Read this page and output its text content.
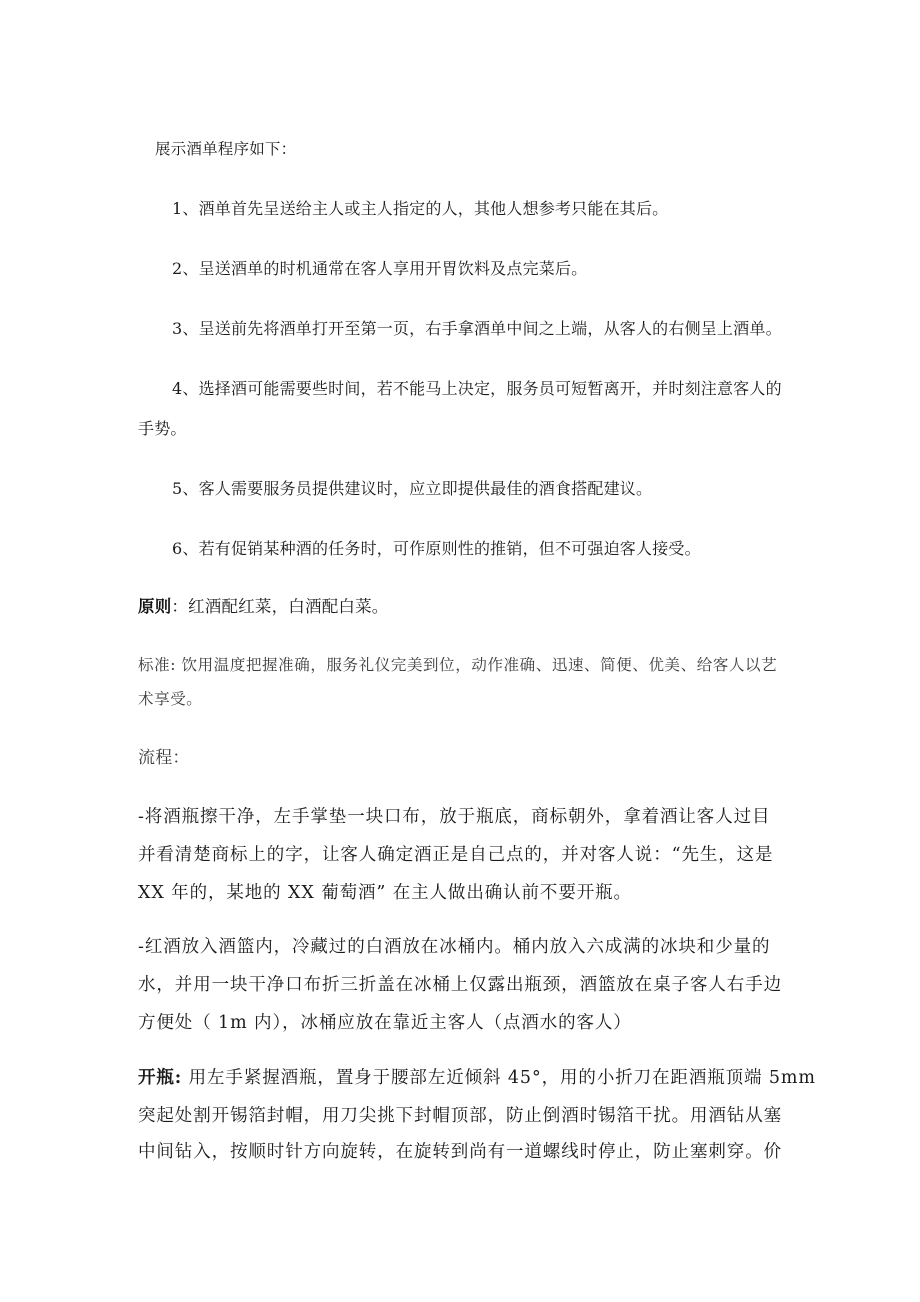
展示酒单程序如下：
1、酒单首先呈送给主人或主人指定的人，其他人想参考只能在其后。
2、呈送酒单的时机通常在客人享用开胃饮料及点完菜后。
3、呈送前先将酒单打开至第一页，右手拿酒单中间之上端，从客人的右侧呈上酒单。
4、选择酒可能需要些时间，若不能马上决定，服务员可短暂离开，并时刻注意客人的
手势。
5、客人需要服务员提供建议时，应立即提供最佳的酒食搭配建议。
6、若有促销某种酒的任务时，可作原则性的推销，但不可强迫客人接受。
原则：红酒配红菜，白酒配白菜。
标准: 饮用温度把握准确，服务礼仪完美到位，动作准确、迅速、简便、优美、给客人以艺
术享受。
流程：
-将酒瓶擦干净，左手掌垫一块口布，放于瓶底，商标朝外，拿着酒让客人过目
并看清楚商标上的字，让客人确定酒正是自己点的，并对客人说：“先生，这是
XX 年的，某地的 XX 葡萄酒” 在主人做出确认前不要开瓶。
-红酒放入酒篮内，冷藏过的白酒放在冰桶内。桶内放入六成满的冰块和少量的
水，并用一块干净口布折三折盖在冰桶上仅露出瓶颈，酒篮放在桌子客人右手边
方便处（ 1m 内），冰桶应放在靠近主客人（点酒水的客人）
开瓶: 用左手紧握酒瓶，置身于腰部左近倾斜 45°，用的小折刀在距酒瓶顶端 5mm
突起处割开锡箔封帽，用刀尖挑下封帽顶部，防止倒酒时锡箔干扰。用酒钻从塞
中间钻入，按顺时针方向旋转，在旋转到尚有一道螺线时停止，防止塞刺穿。价
